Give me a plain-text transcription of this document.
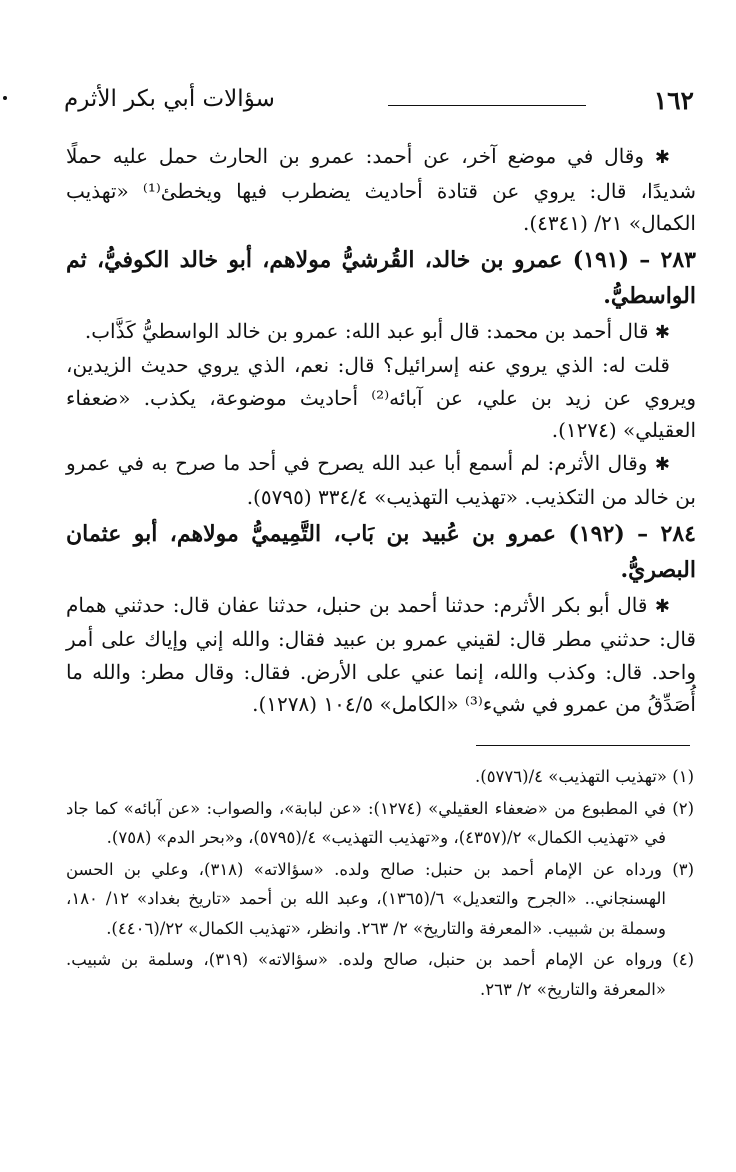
١٦٢
سؤالات أبي بكر الأثرم

✱ وقال في موضع آخر، عن أحمد: عمرو بن الحارث حمل عليه حملًا شديدًا، قال: يروي عن قتادة أحاديث يضطرب فيها ويخطئ⁽¹⁾ «تهذيب الكمال» ٢١/ (٤٣٤١).

٢٨٣ – (١٩١) عمرو بن خالد، القُرشيُّ مولاهم، أبو خالد الكوفيُّ، ثم الواسطيُّ.

✱ قال أحمد بن محمد: قال أبو عبد الله: عمرو بن خالد الواسطيُّ كَذَّاب.

قلت له: الذي يروي عنه إسرائيل؟ قال: نعم، الذي يروي حديث الزيدين، ويروي عن زيد بن علي، عن آبائه⁽²⁾ أحاديث موضوعة، يكذب. «ضعفاء العقيلي» (١٢٧٤).

✱ وقال الأثرم: لم أسمع أبا عبد الله يصرح في أحد ما صرح به في عمرو بن خالد من التكذيب. «تهذيب التهذيب» ٣٣٤/٤ (٥٧٩٥).

٢٨٤ – (١٩٢) عمرو بن عُبيد بن بَاب، التَّمِيميُّ مولاهم، أبو عثمان البصريُّ.

✱ قال أبو بكر الأثرم: حدثنا أحمد بن حنبل، حدثنا عفان قال: حدثني همام قال: حدثني مطر قال: لقيني عمرو بن عبيد فقال: والله إني وإياك على أمر واحد. قال: وكذب والله، إنما عني على الأرض. فقال: وقال مطر: والله ما أُصَدِّقُ من عمرو في شيء⁽³⁾ «الكامل» ١٠٤/٥ (١٢٧٨).

(١) «تهذيب التهذيب» ٤/(٥٧٧٦).

(٢) في المطبوع من «ضعفاء العقيلي» (١٢٧٤): «عن لبابة»، والصواب: «عن آبائه» كما جاد في «تهذيب الكمال» ٢/(٤٣٥٧)، و«تهذيب التهذيب» ٤/(٥٧٩٥)، و«بحر الدم» (٧٥٨).

(٣) ورداه عن الإمام أحمد بن حنبل: صالح ولده. «سؤالاته» (٣١٨)، وعلي بن الحسن الهسنجاني.. «الجرح والتعديل» ٦/(١٣٦٥)، وعبد الله بن أحمد «تاريخ بغداد» ١٢/ ١٨٠، وسملة بن شبيب. «المعرفة والتاريخ» ٢/ ٢٦٣. وانظر، «تهذيب الكمال» ٢٢/(٤٤٠٦).

(٤) ورواه عن الإمام أحمد بن حنبل، صالح ولده. «سؤالاته» (٣١٩)، وسلمة بن شبيب. «المعرفة والتاريخ» ٢/ ٢٦٣.
